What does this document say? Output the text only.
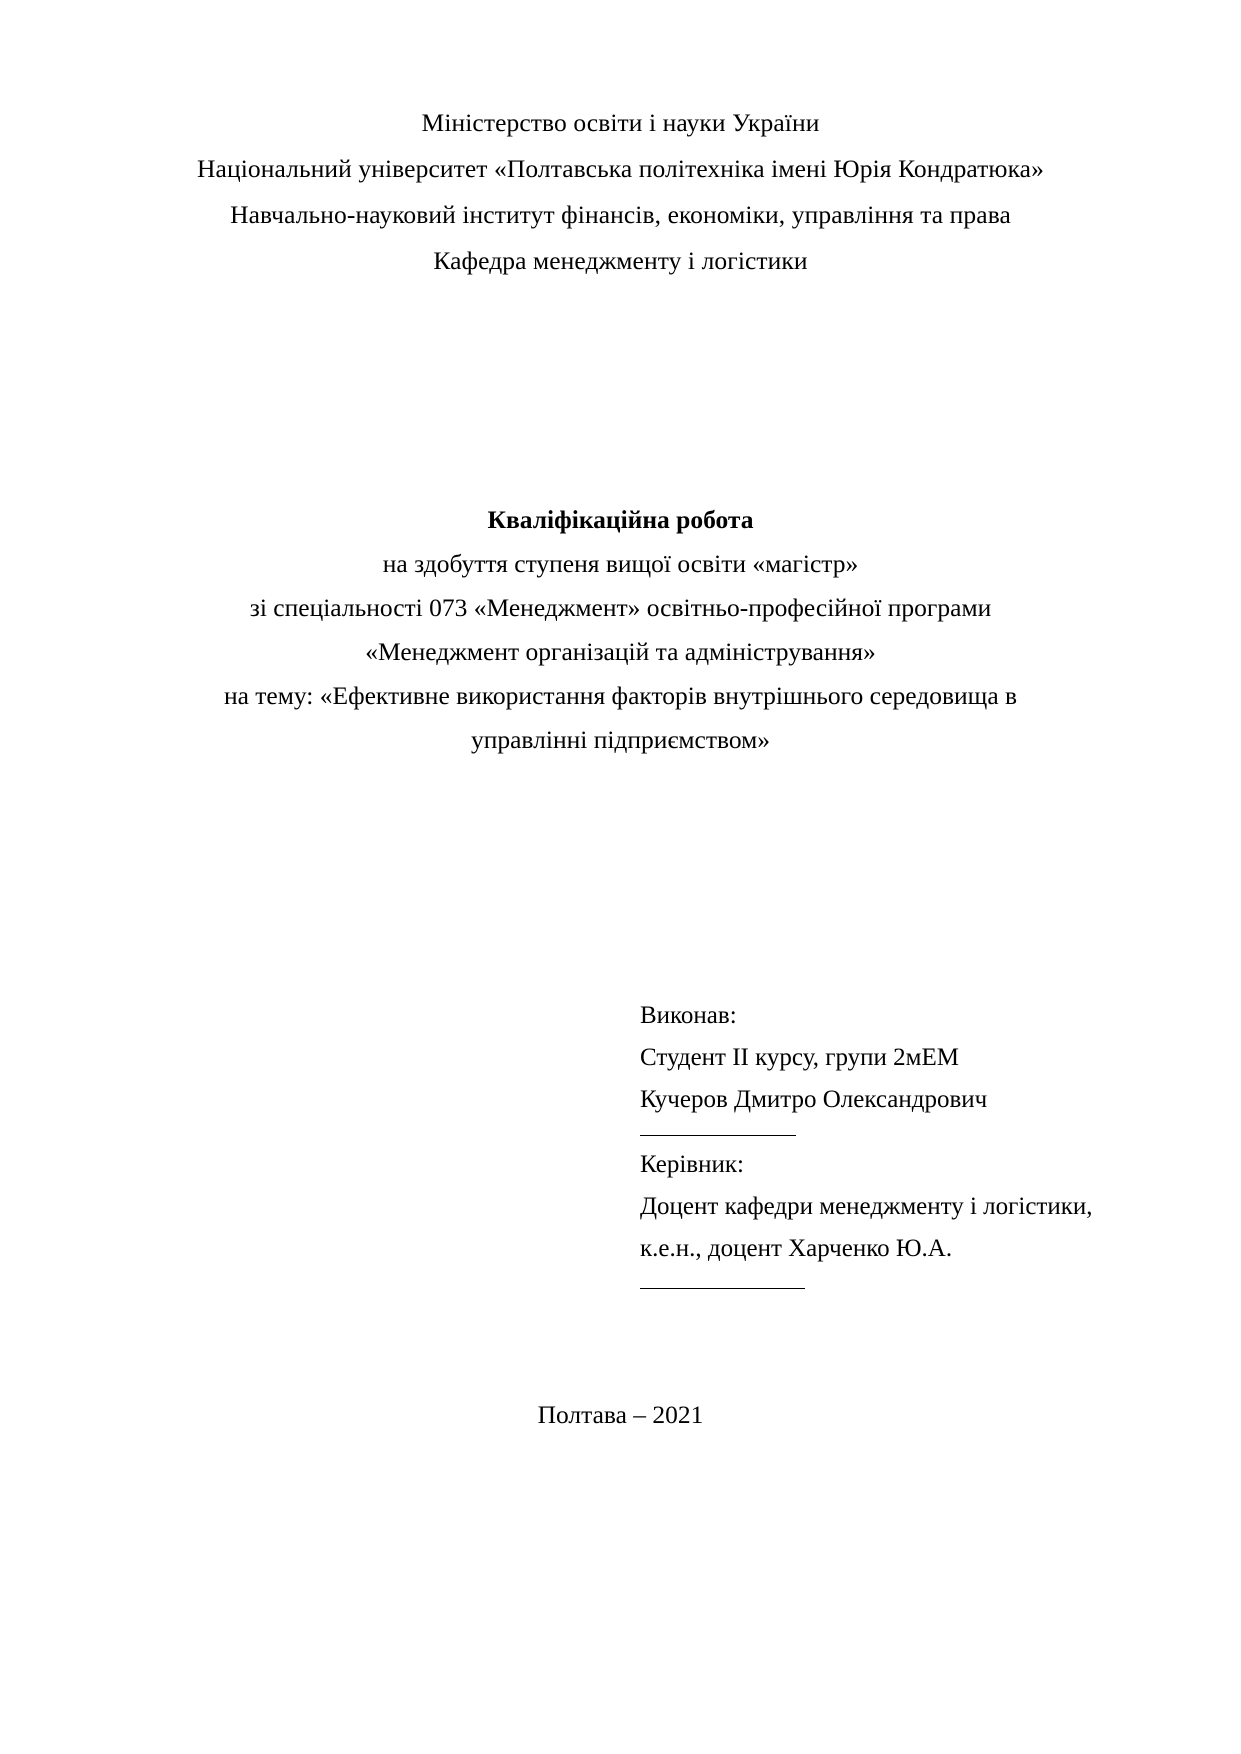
Міністерство освіти і науки України
Національний університет «Полтавська політехніка імені Юрія Кондратюка»
Навчально-науковий інститут фінансів, економіки, управління та права
Кафедра менеджменту і логістики
Кваліфікаційна робота
на здобуття ступеня вищої освіти «магістр»
зі спеціальності 073 «Менеджмент» освітньо-професійної програми
«Менеджмент організацій та адміністрування»
на тему: «Ефективне використання факторів внутрішнього середовища в
управлінні підприємством»
Виконав:
Студент ІІ курсу, групи 2мЕМ
Кучеров Дмитро Олександрович
Керівник:
Доцент кафедри менеджменту і логістики,
к.е.н., доцент Харченко Ю.А.
Полтава – 2021
